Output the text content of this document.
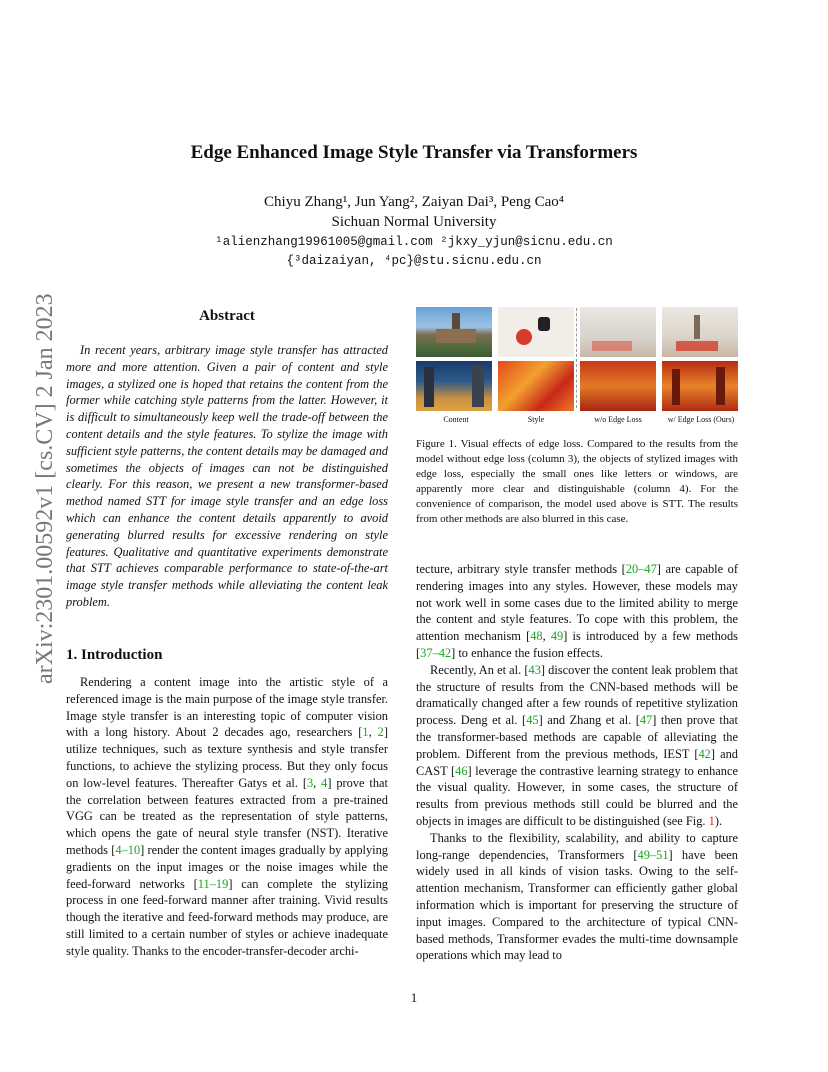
Edge Enhanced Image Style Transfer via Transformers
Chiyu Zhang¹, Jun Yang², Zaiyan Dai³, Peng Cao⁴
Sichuan Normal University
¹alienzhang19961005@gmail.com ²jkxy_yjun@sicnu.edu.cn
{³daizaiyan, ⁴pc}@stu.sicnu.edu.cn
arXiv:2301.00592v1 [cs.CV] 2 Jan 2023	Abstract

In recent years, arbitrary image style transfer has attracted more and more attention. Given a pair of content and style images, a stylized one is hoped that retains the content from the former while catching style patterns from the latter. However, it is difficult to simultaneously keep well the trade-off between the content details and the style features. To stylize the image with sufficient style patterns, the content details may be damaged and sometimes the objects of images can not be distinguished clearly. For this reason, we present a new transformer-based method named STT for image style transfer and an edge loss which can enhance the content details apparently to avoid generating blurred results for excessive rendering on style features. Qualitative and quantitative experiments demonstrate that STT achieves comparable performance to state-of-the-art image style transfer methods while alleviating the content leak problem.

1. Introduction

Rendering a content image into the artistic style of a referenced image is the main purpose of the image style transfer. Image style transfer is an interesting topic of computer vision with a long history. About 2 decades ago, researchers [1, 2] utilize techniques, such as texture synthesis and style transfer functions, to achieve the stylizing process. But they only focus on low-level features. Thereafter Gatys et al. [3, 4] prove that the correlation between features extracted from a pre-trained VGG can be treated as the representation of style patterns, which opens the gate of neural style transfer (NST). Iterative methods [4–10] render the content images gradually by applying gradients on the input images or the noise images while the feed-forward networks [11–19] can complete the stylizing process in one feed-forward manner after training. Vivid results though the iterative and feed-forward methods may produce, are still limited to a certain number of styles or achieve inadequate style quality. Thanks to the encoder-transfer-decoder archi-

Content	Style	w/o Edge Loss	w/ Edge Loss (Ours)
Figure 1. Visual effects of edge loss. Compared to the results from the model without edge loss (column 3), the objects of stylized images with edge loss, especially the small ones like letters or windows, are apparently more clear and distinguishable (column 4). For the convenience of comparison, the model used above is STT. The results from other methods are also blurred in this case.

tecture, arbitrary style transfer methods [20–47] are capable of rendering images into any styles. However, these models may not work well in some cases due to the limited ability to merge the content and style features. To cope with this problem, the attention mechanism [48, 49] is introduced by a few methods [37–42] to enhance the fusion effects.

Recently, An et al. [43] discover the content leak problem that the structure of results from the CNN-based methods will be dramatically changed after a few rounds of repetitive stylization process. Deng et al. [45] and Zhang et al. [47] then prove that the transformer-based methods are capable of alleviating the problem. Different from the previous methods, IEST [42] and CAST [46] leverage the contrastive learning strategy to enhance the visual quality. However, in some cases, the structure of results from previous methods still could be blurred and the objects in images are difficult to be distinguished (see Fig. 1).

Thanks to the flexibility, scalability, and ability to capture long-range dependencies, Transformers [49–51] have been widely used in all kinds of vision tasks. Owing to the self-attention mechanism, Transformer can efficiently gather global information which is important for preserving the structure of input images. Compared to the architecture of typical CNN-based methods, Transformer evades the multi-time downsample operations which may lead to

1
